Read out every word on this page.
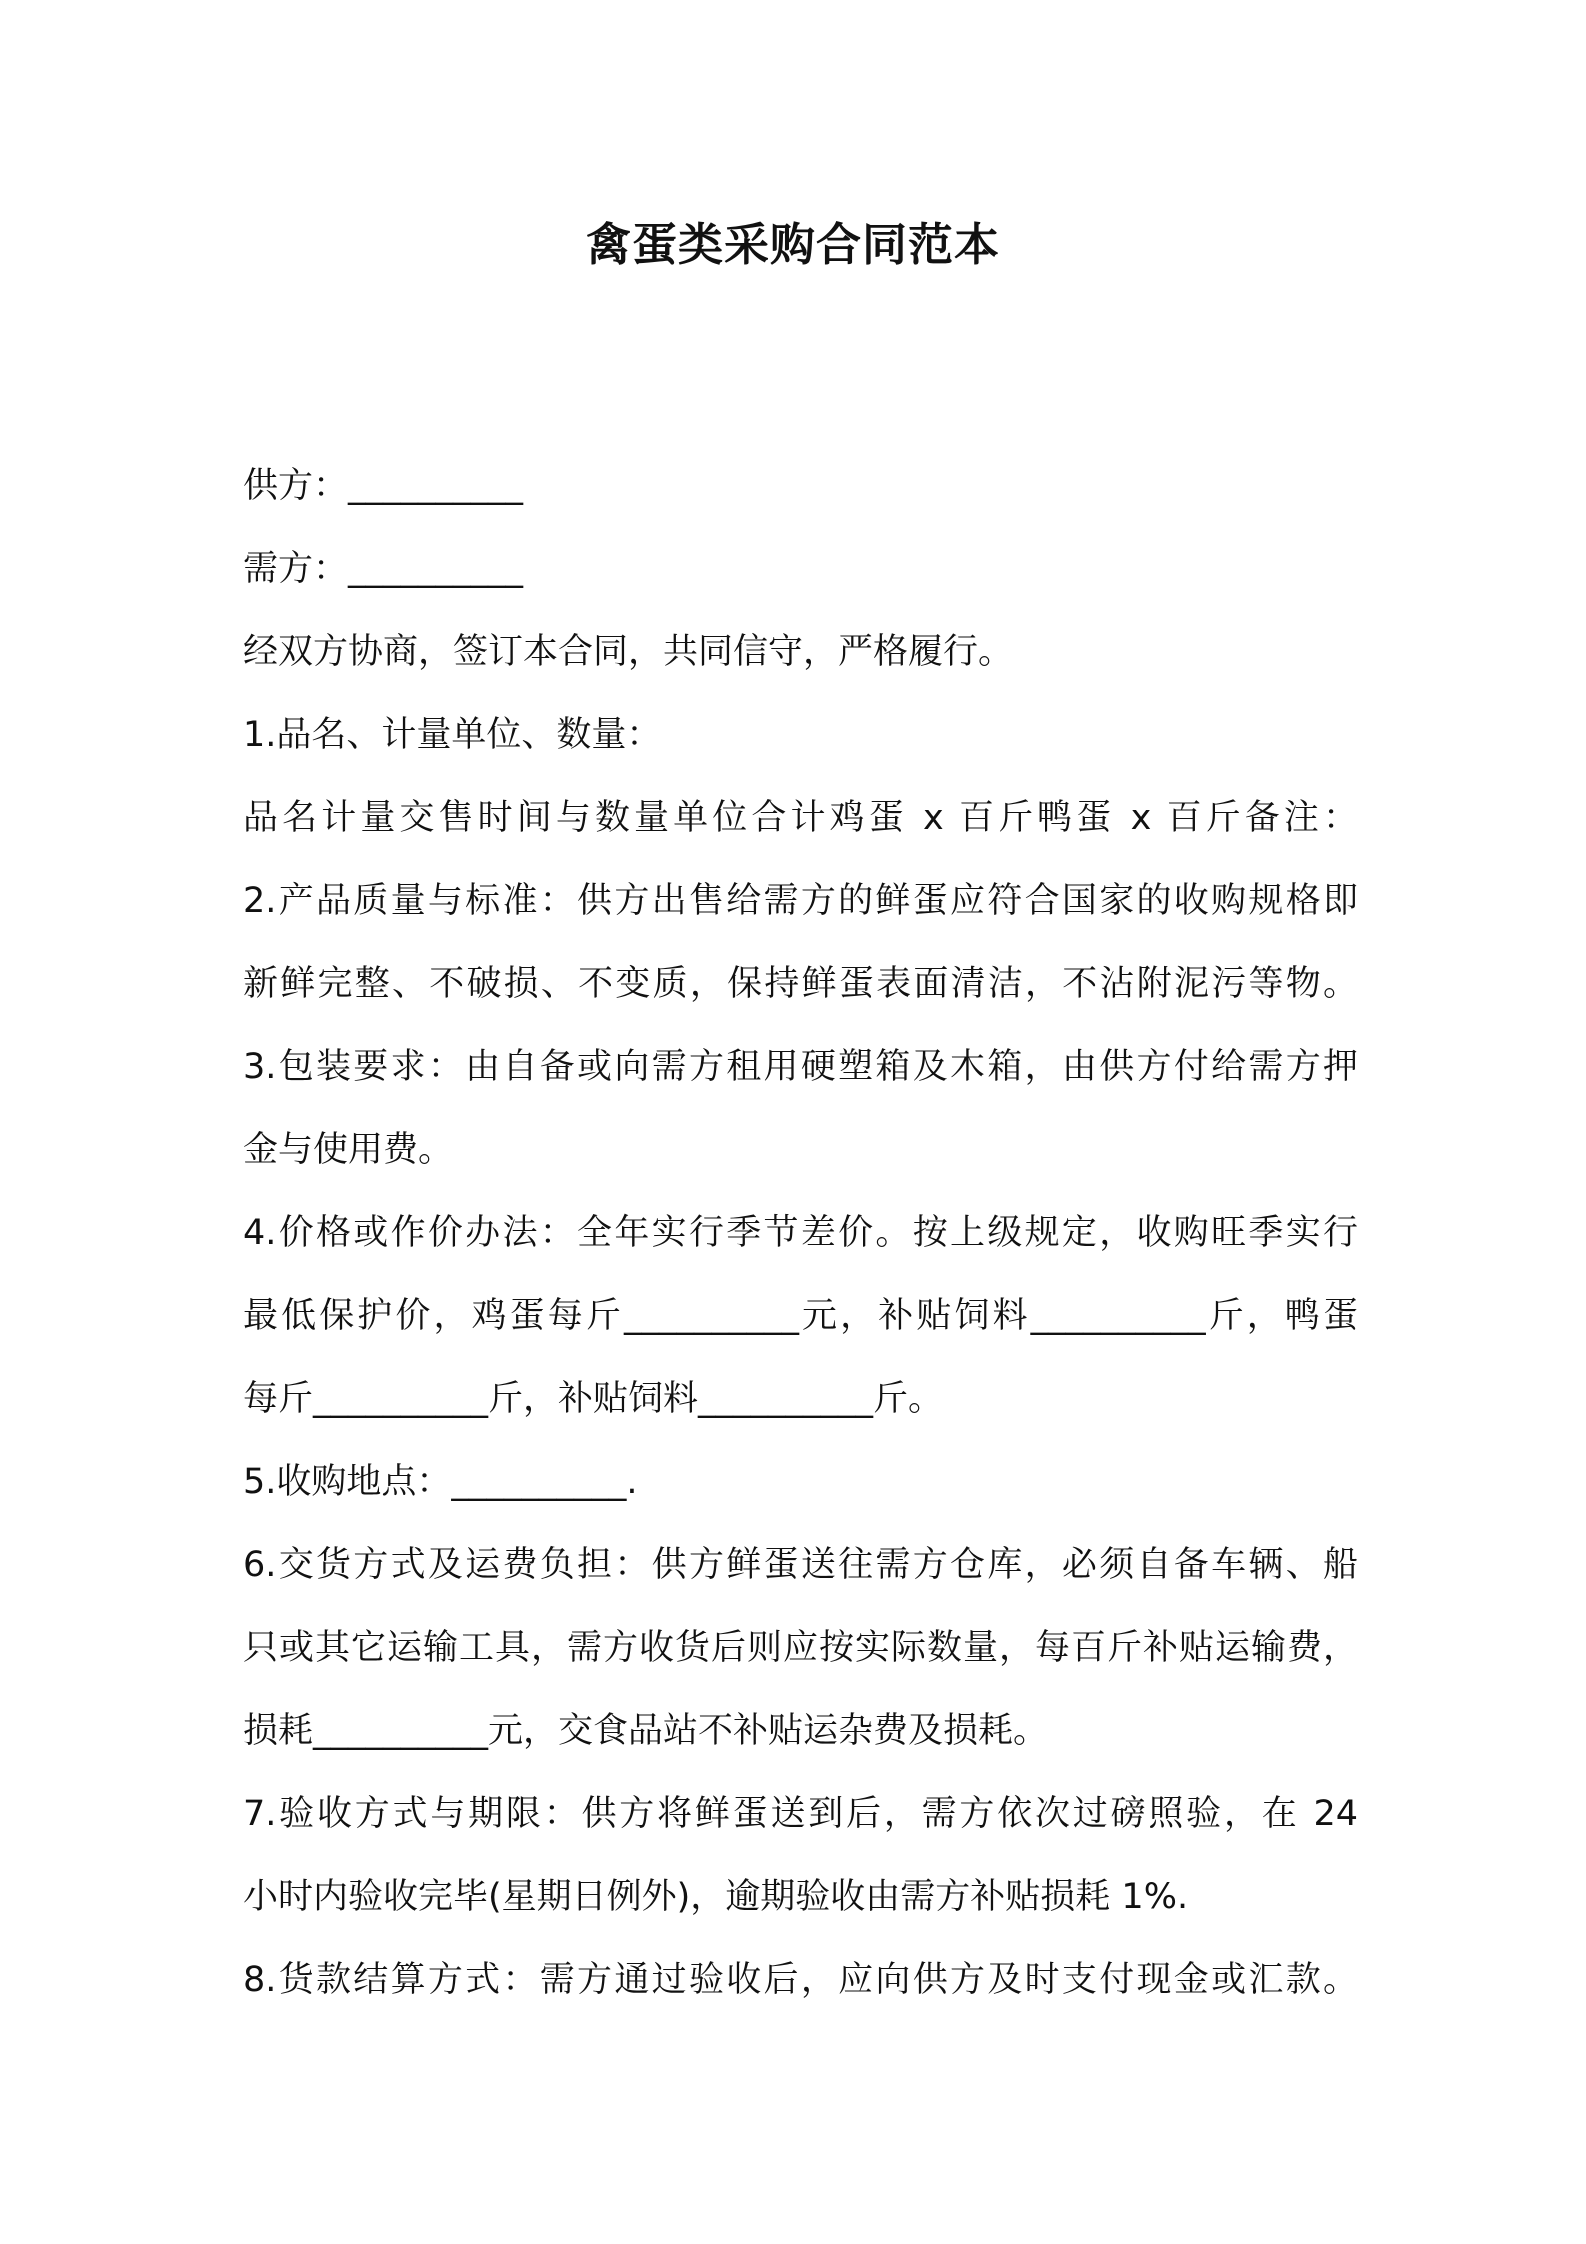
禽蛋类采购合同范本
供方：__________
需方：__________
经双方协商，签订本合同，共同信守，严格履行。
1.品名、计量单位、数量：
品名计量交售时间与数量单位合计鸡蛋 x 百斤鸭蛋 x 百斤备注：
2.产品质量与标准：供方出售给需方的鲜蛋应符合国家的收购规格即
新鲜完整、不破损、不变质，保持鲜蛋表面清洁，不沾附泥污等物。
3.包装要求：由自备或向需方租用硬塑箱及木箱，由供方付给需方押
金与使用费。
4.价格或作价办法：全年实行季节差价。按上级规定，收购旺季实行
最低保护价，鸡蛋每斤__________元，补贴饲料__________斤，鸭蛋
每斤__________斤，补贴饲料__________斤。
5.收购地点：__________.
6.交货方式及运费负担：供方鲜蛋送往需方仓库，必须自备车辆、船
只或其它运输工具，需方收货后则应按实际数量，每百斤补贴运输费，
损耗__________元，交食品站不补贴运杂费及损耗。
7.验收方式与期限：供方将鲜蛋送到后，需方依次过磅照验，在 24
小时内验收完毕(星期日例外)，逾期验收由需方补贴损耗 1%.
8.货款结算方式：需方通过验收后，应向供方及时支付现金或汇款。
